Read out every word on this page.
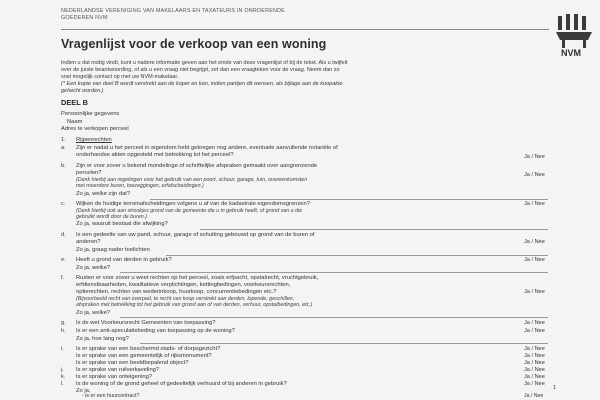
NEDERLANDSE VERENIGING VAN MAKELAARS EN TAXATEURS IN ONROERENDE
GOEDEREN NVM
NVM
Vragenlijst voor de verkoop van een woning
Indien u dat nodig vindt, kunt u nadere informatie geven aan het einde van deze vragenlijst of bij de tekst. Als u twijfelt
over de juiste beantwoording, of als u een vraag niet begrijpt, zet dan een vraagteken voor de vraag. Neem dan zo
snel mogelijk contact op met uw NVM-makelaar.
(* Een kopie van deel B wordt verstrekt aan de koper en kan, indien partijen dit wensen, als bijlage aan de koopakte
gehecht worden.)
DEEL B
Persoonlijke gegevens
Naam
Adres te verkopen perceel
1. Rijpenrechten
a. Zijn er nadat u het perceel in eigendom hebt gekregen nog andere, eventuele aanvullende notariële of
onderhandse akten opgesteld met betrekking tot het perceel?	Ja / Nee
b. Zijn er voor zover u bekend mondelinge of schriftelijke afspraken gemaakt over aangrenzende
percelen?	Ja / Nee
(Denk hierbij aan regelingen voor het gebruik van een poort, schuur, garage, tuin, overeenkomsten
met meerdere buren, toezeggingen, erfafscheidingen.)
Zo ja, welke zijn dat?
c. Wijken de huidige terreinafscheidingen volgens u af van de kadastrale eigendomsgrenzen?	Ja / Nee
(Denk hierbij ook aan strookjes grond van de gemeente die u in gebruik heeft, of grond van u die
gebruikt wordt door de buren.)
Zo ja, waaruit bestaat die afwijking?
d. Is een gedeelte van uw pand, schuur, garage of schutting gebouwd op grond van de buren of
anderen?	Ja / Nee
Zo ja, graag nader toelichten
e. Heeft u grond van derden in gebruik?	Ja / Nee
Zo ja, welke?
f. Rusten er voor zover u weet rechten op het perceel, zoals erfpacht, opstalrecht, vruchtgebruik,
erfdienstbaarheden, kwalitatieve verplichtingen, kettingbedingen, voorkeursrechten,
optierechten, rechten van wederinkoop, huurkoop, concurrentiebedingen etc.?	Ja / Nee
(Bijvoorbeeld recht van overpad, te recht van koop verstrekt aan derden, lopende, geschillen,
afspraken met betrekking tot het gebruik van grond aan of van derden, verhuur, opstalbedingen, etc.)
Zo ja, welke?
g. Is de wet Voorkeursrecht Gemeenten van toepassing?	Ja / Nee
h. Is er een anti-speculatiebeding van toepassing op de woning?	Ja / Nee
Zo ja, hoe lang nog?
i. Is er sprake van een beschermd stads- of dorpsgezicht?	Ja / Nee
Is er sprake van een gemeentelijk of rijksmonument?	Ja / Nee
Is er sprake van een beeldbepalend object?	Ja / Nee
j. Is er sprake van ruilverkaveling?	Ja / Nee
k. Is er sprake van onteigening?	Ja / Nee
l. Is de woning of de grond geheel of gedeeltelijk verhuurd of bij anderen in gebruik?	Ja / Nee
Zo ja,
- is er een huurcontract?	Ja / Nee
1
